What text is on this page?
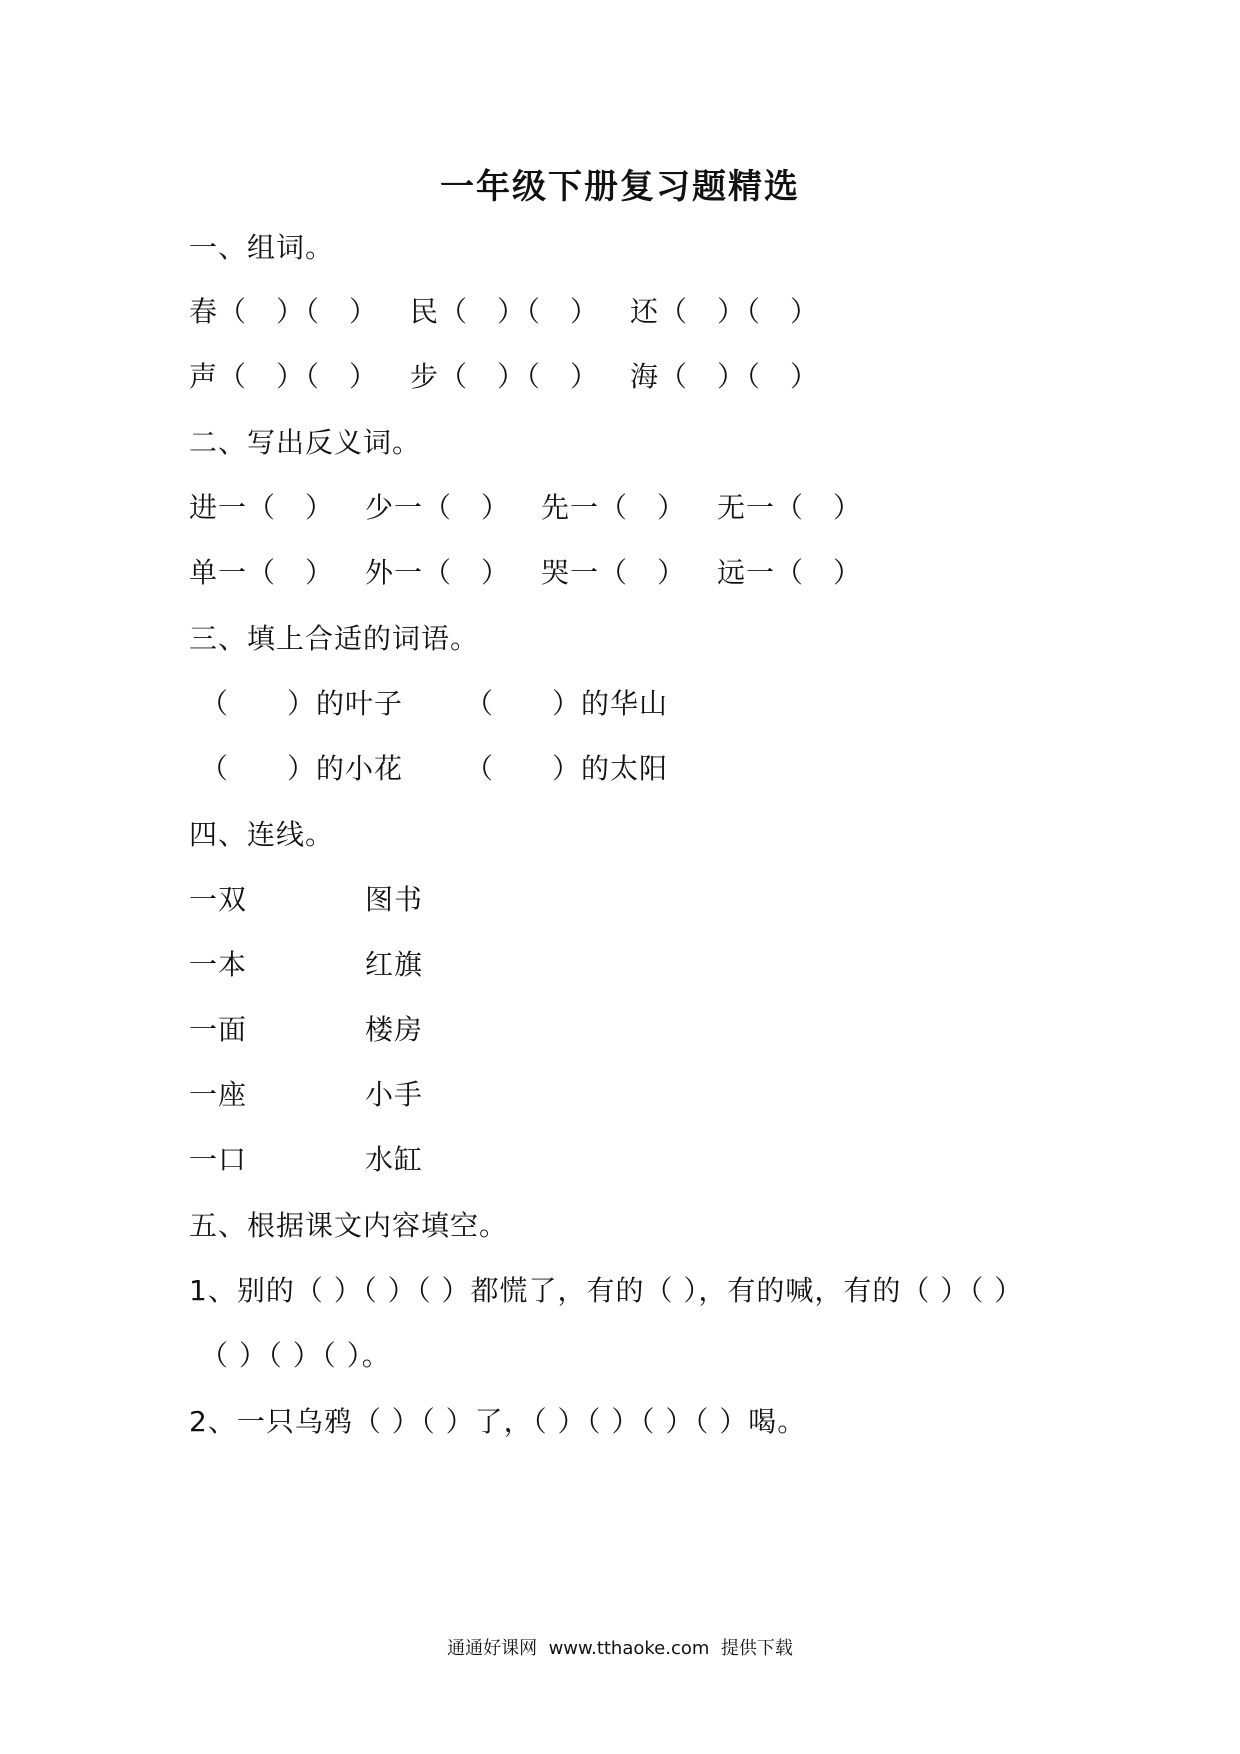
一年级下册复习题精选
一、组词。
春（　）（　） 民（　）（　） 还（　）（　）
声（　）（　） 步（　）（　） 海（　）（　）
二、写出反义词。
进一（　） 少一（　） 先一（　） 无一（　）
单一（　） 外一（　） 哭一（　） 远一（　）
三、填上合适的词语。
（　　）的叶子 （　　）的华山
（　　）的小花 （　　）的太阳
四、连线。
一双	图书
一本	红旗
一面	楼房
一座	小手
一口	水缸
五、根据课文内容填空。
1、别的（ ）（ ）（ ）都慌了，有的（ ），有的喊，有的（ ）（ ）
（ ）（ ）（ ）。
2、一只乌鸦（ ）（ ）了，（ ）（ ）（ ）（ ）喝。
通通好课网  www.tthaoke.com  提供下载
